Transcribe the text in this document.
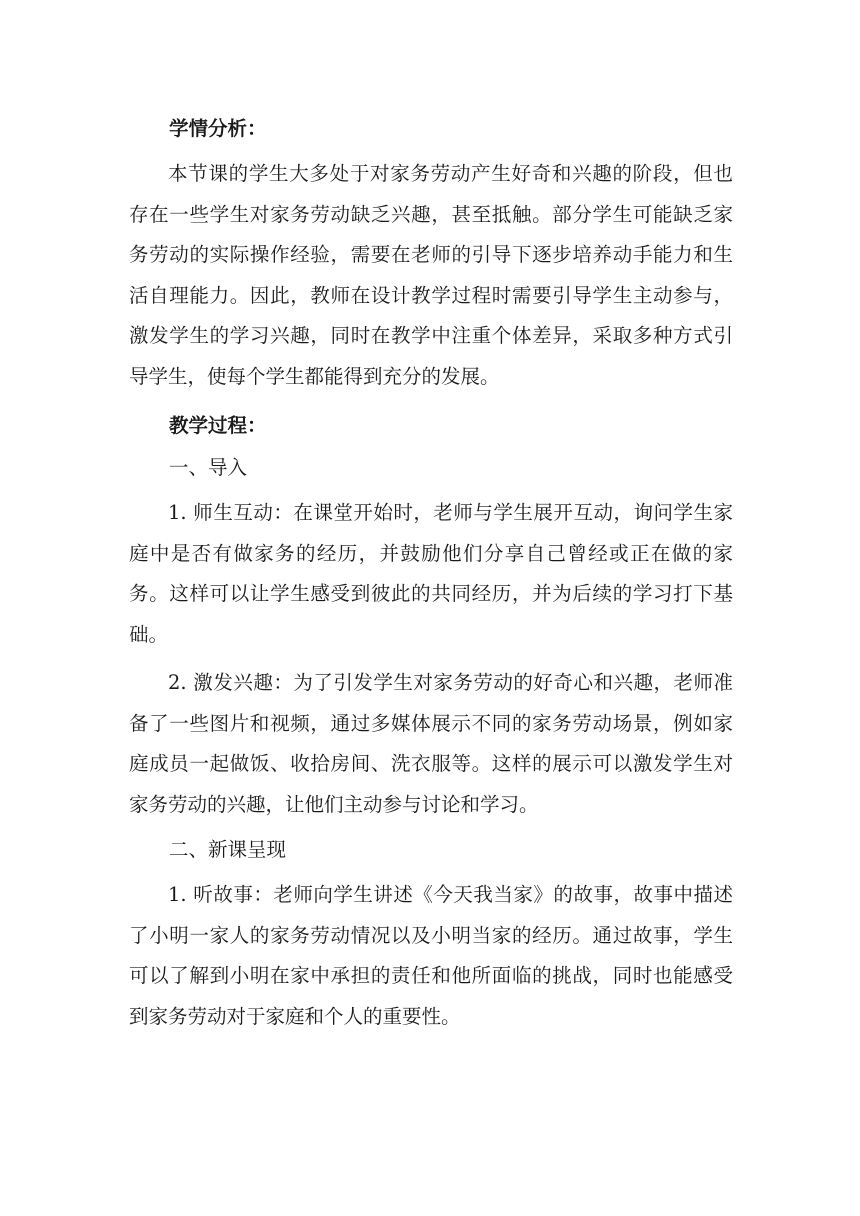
学情分析：

本节课的学生大多处于对家务劳动产生好奇和兴趣的阶段，但也存在一些学生对家务劳动缺乏兴趣，甚至抵触。部分学生可能缺乏家务劳动的实际操作经验，需要在老师的引导下逐步培养动手能力和生活自理能力。因此，教师在设计教学过程时需要引导学生主动参与，激发学生的学习兴趣，同时在教学中注重个体差异，采取多种方式引导学生，使每个学生都能得到充分的发展。

教学过程：

一、导入

1. 师生互动：在课堂开始时，老师与学生展开互动，询问学生家庭中是否有做家务的经历，并鼓励他们分享自己曾经或正在做的家务。这样可以让学生感受到彼此的共同经历，并为后续的学习打下基础。

2. 激发兴趣：为了引发学生对家务劳动的好奇心和兴趣，老师准备了一些图片和视频，通过多媒体展示不同的家务劳动场景，例如家庭成员一起做饭、收拾房间、洗衣服等。这样的展示可以激发学生对家务劳动的兴趣，让他们主动参与讨论和学习。

二、新课呈现

1. 听故事：老师向学生讲述《今天我当家》的故事，故事中描述了小明一家人的家务劳动情况以及小明当家的经历。通过故事，学生可以了解到小明在家中承担的责任和他所面临的挑战，同时也能感受到家务劳动对于家庭和个人的重要性。
